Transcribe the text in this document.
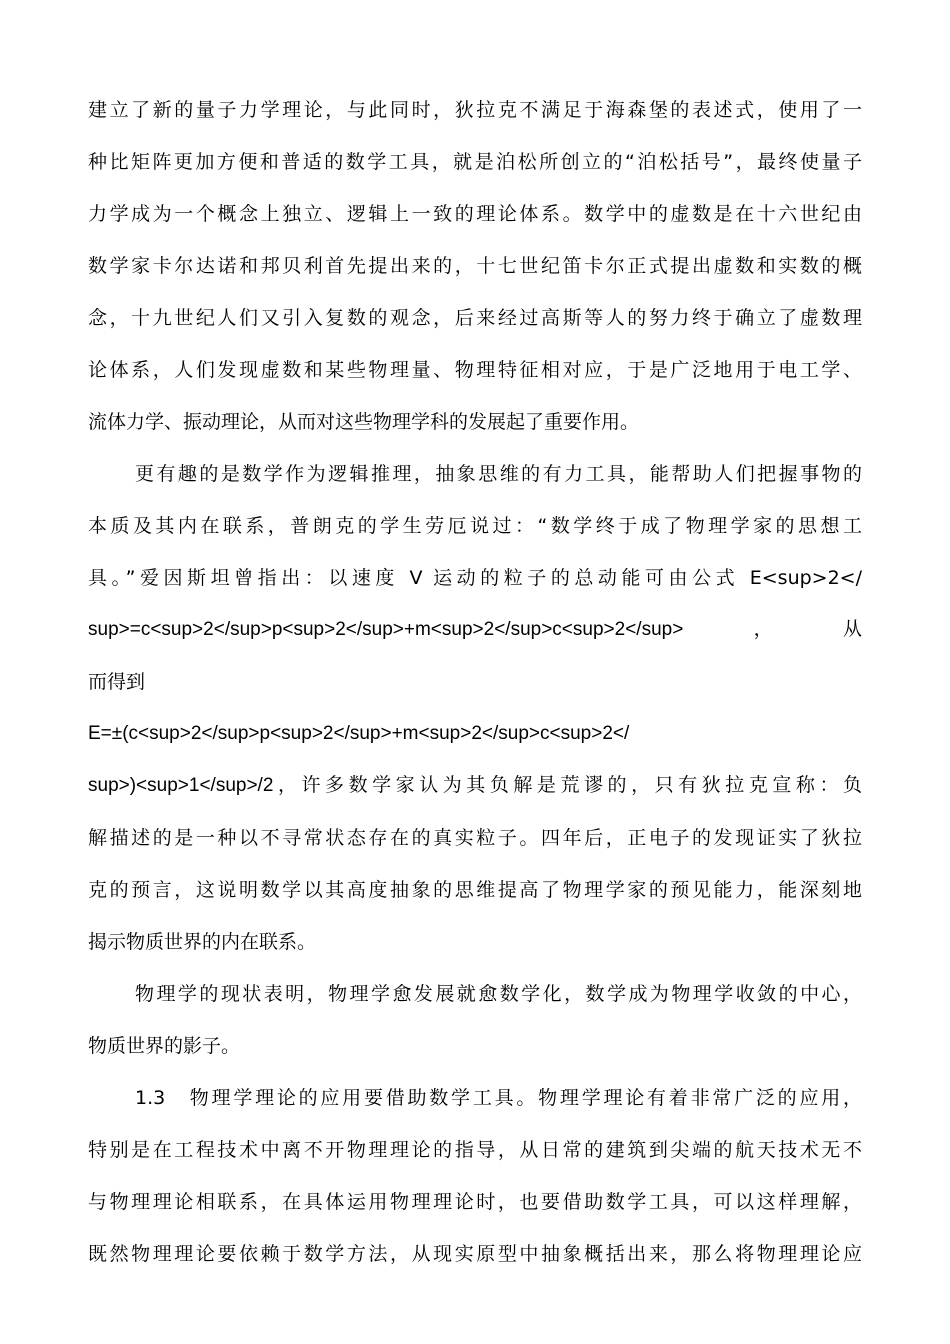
建立了新的量子力学理论，与此同时，狄拉克不满足于海森堡的表述式，使用了一
种比矩阵更加方便和普适的数学工具，就是泊松所创立的“泊松括号”，最终使量子
力学成为一个概念上独立、逻辑上一致的理论体系。数学中的虚数是在十六世纪由
数学家卡尔达诺和邦贝利首先提出来的，十七世纪笛卡尔正式提出虚数和实数的概
念，十九世纪人们又引入复数的观念，后来经过高斯等人的努力终于确立了虚数理
论体系，人们发现虚数和某些物理量、物理特征相对应，于是广泛地用于电工学、
流体力学、振动理论，从而对这些物理学科的发展起了重要作用。
更有趣的是数学作为逻辑推理，抽象思维的有力工具，能帮助人们把握事物的
本质及其内在联系，普朗克的学生劳厄说过：“数学终于成了物理学家的思想工
具。”爱因斯坦曾指出：以速度 V 运动的粒子的总动能可由公式 E<sup>2</
sup>=c<sup>2</sup>p<sup>2</sup>+m<sup>2</sup>c<sup>2</sup>，从
而得到
E=±(c<sup>2</sup>p<sup>2</sup>+m<sup>2</sup>c<sup>2</
sup>)<sup>1</sup>/2，许多数学家认为其负解是荒谬的，只有狄拉克宣称：负
解描述的是一种以不寻常状态存在的真实粒子。四年后，正电子的发现证实了狄拉
克的预言，这说明数学以其高度抽象的思维提高了物理学家的预见能力，能深刻地
揭示物质世界的内在联系。
物理学的现状表明，物理学愈发展就愈数学化，数学成为物理学收敛的中心，
物质世界的影子。
1.3　物理学理论的应用要借助数学工具。物理学理论有着非常广泛的应用，
特别是在工程技术中离不开物理理论的指导，从日常的建筑到尖端的航天技术无不
与物理理论相联系，在具体运用物理理论时，也要借助数学工具，可以这样理解，
既然物理理论要依赖于数学方法，从现实原型中抽象概括出来，那么将物理理论应
